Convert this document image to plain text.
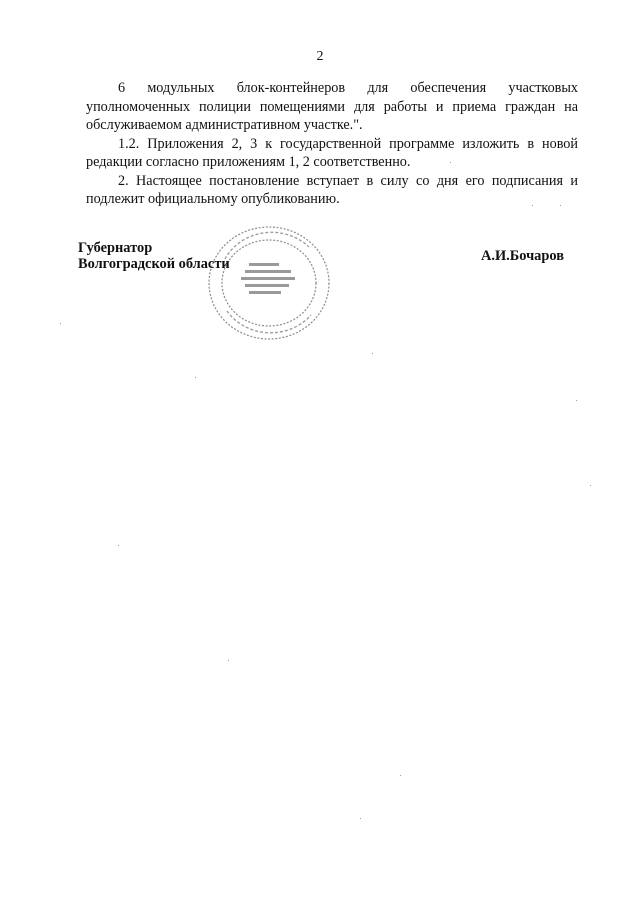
2

6 модульных блок-контейнеров для обеспечения участковых

уполномоченных полиции помещениями для работы и приема граждан на обслуживаемом административном участке.".

1.2. Приложения 2, 3 к государственной программе изложить в новой редакции согласно приложениям 1, 2 соответственно.

2. Настоящее постановление вступает в силу со дня его подписания и подлежит официальному опубликованию.

Губернатор
Волгоградской области	А.И.Бочаров
